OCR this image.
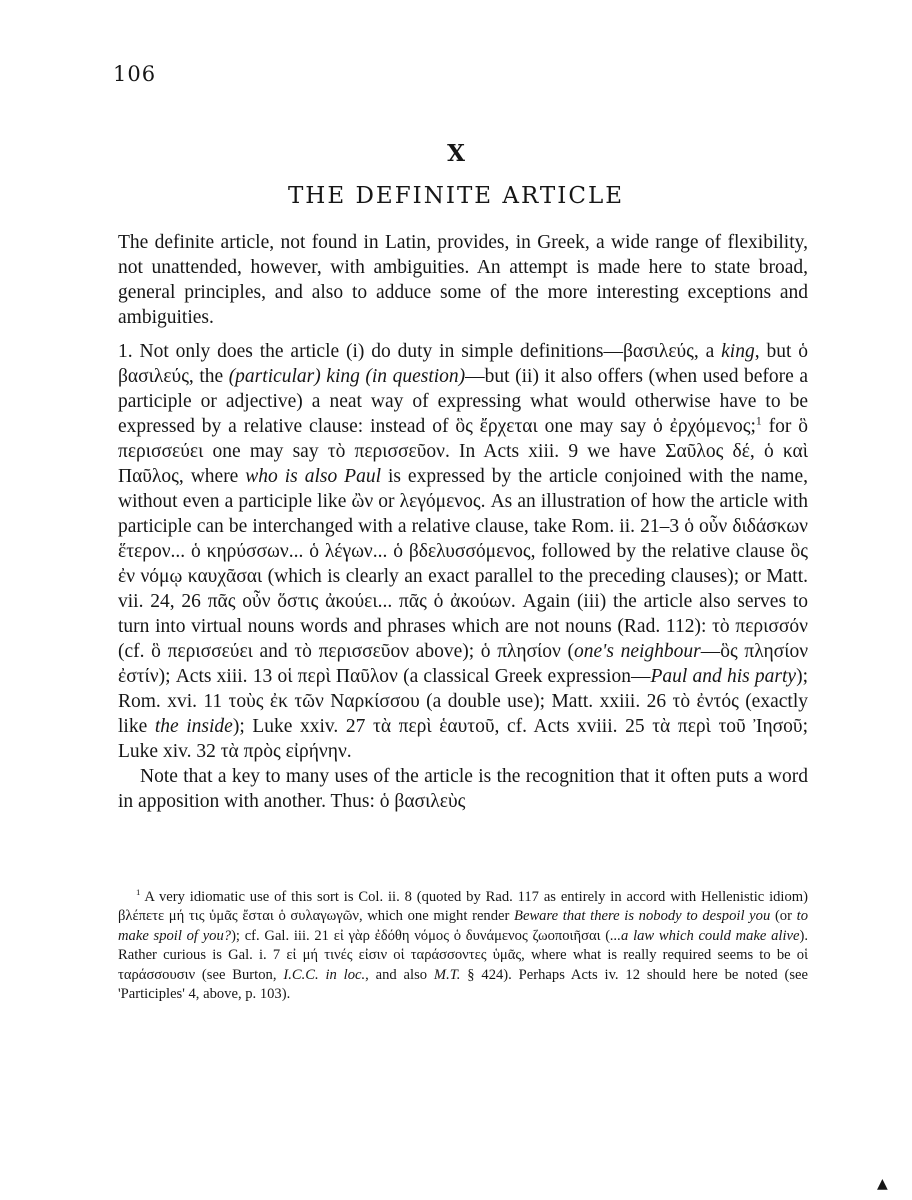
106
X
THE DEFINITE ARTICLE

The definite article, not found in Latin, provides, in Greek, a wide range of flexibility, not unattended, however, with ambiguities. An attempt is made here to state broad, general principles, and also to adduce some of the more interesting exceptions and ambiguities.

1. Not only does the article (i) do duty in simple definitions—βασιλεύς, a king, but ὁ βασιλεύς, the (particular) king (in question)—but (ii) it also offers (when used before a participle or adjective) a neat way of expressing what would otherwise have to be expressed by a relative clause: instead of ὃς ἔρχεται one may say ὁ ἐρχόμενος;$^1$ for ὃ περισσεύει one may say τὸ περισσεῦον. In Acts xiii. 9 we have Σαῦλος δέ, ὁ καὶ Παῦλος, where who is also Paul is expressed by the article conjoined with the name, without even a participle like ὢν or λεγόμενος. As an illustration of how the article with participle can be interchanged with a relative clause, take Rom. ii. 21–3 ὁ οὖν διδάσκων ἕτερον... ὁ κηρύσσων... ὁ λέγων... ὁ βδελυσσόμενος, followed by the relative clause ὃς ἐν νόμῳ καυχᾶσαι (which is clearly an exact parallel to the preceding clauses); or Matt. vii. 24, 26 πᾶς οὖν ὅστις ἀκούει... πᾶς ὁ ἀκούων. Again (iii) the article also serves to turn into virtual nouns words and phrases which are not nouns (Rad. 112): τὸ περισσόν (cf. ὃ περισσεύει and τὸ περισσεῦον above); ὁ πλησίον (one's neighbour—ὃς πλησίον ἐστίν); Acts xiii. 13 οἱ περὶ Παῦλον (a classical Greek expression—Paul and his party); Rom. xvi. 11 τοὺς ἐκ τῶν Ναρκίσσου (a double use); Matt. xxiii. 26 τὸ ἐντός (exactly like the inside); Luke xxiv. 27 τὰ περὶ ἑαυτοῦ, cf. Acts xviii. 25 τὰ περὶ τοῦ Ἰησοῦ; Luke xiv. 32 τὰ πρὸς εἰρήνην.

Note that a key to many uses of the article is the recognition that it often puts a word in apposition with another. Thus: ὁ βασιλεὺς

$^1$ A very idiomatic use of this sort is Col. ii. 8 (quoted by Rad. 117 as entirely in accord with Hellenistic idiom) βλέπετε μή τις ὑμᾶς ἔσται ὁ συλαγωγῶν, which one might render Beware that there is nobody to despoil you (or to make spoil of you?); cf. Gal. iii. 21 εἰ γὰρ ἐδόθη νόμος ὁ δυνάμενος ζωοποιῆσαι (...a law which could make alive). Rather curious is Gal. i. 7 εἰ μή τινές εἰσιν οἱ ταράσσοντες ὑμᾶς, where what is really required seems to be οἱ ταράσσουσιν (see Burton, I.C.C. in loc., and also M.T. § 424). Perhaps Acts iv. 12 should here be noted (see 'Participles' 4, above, p. 103).

▲
